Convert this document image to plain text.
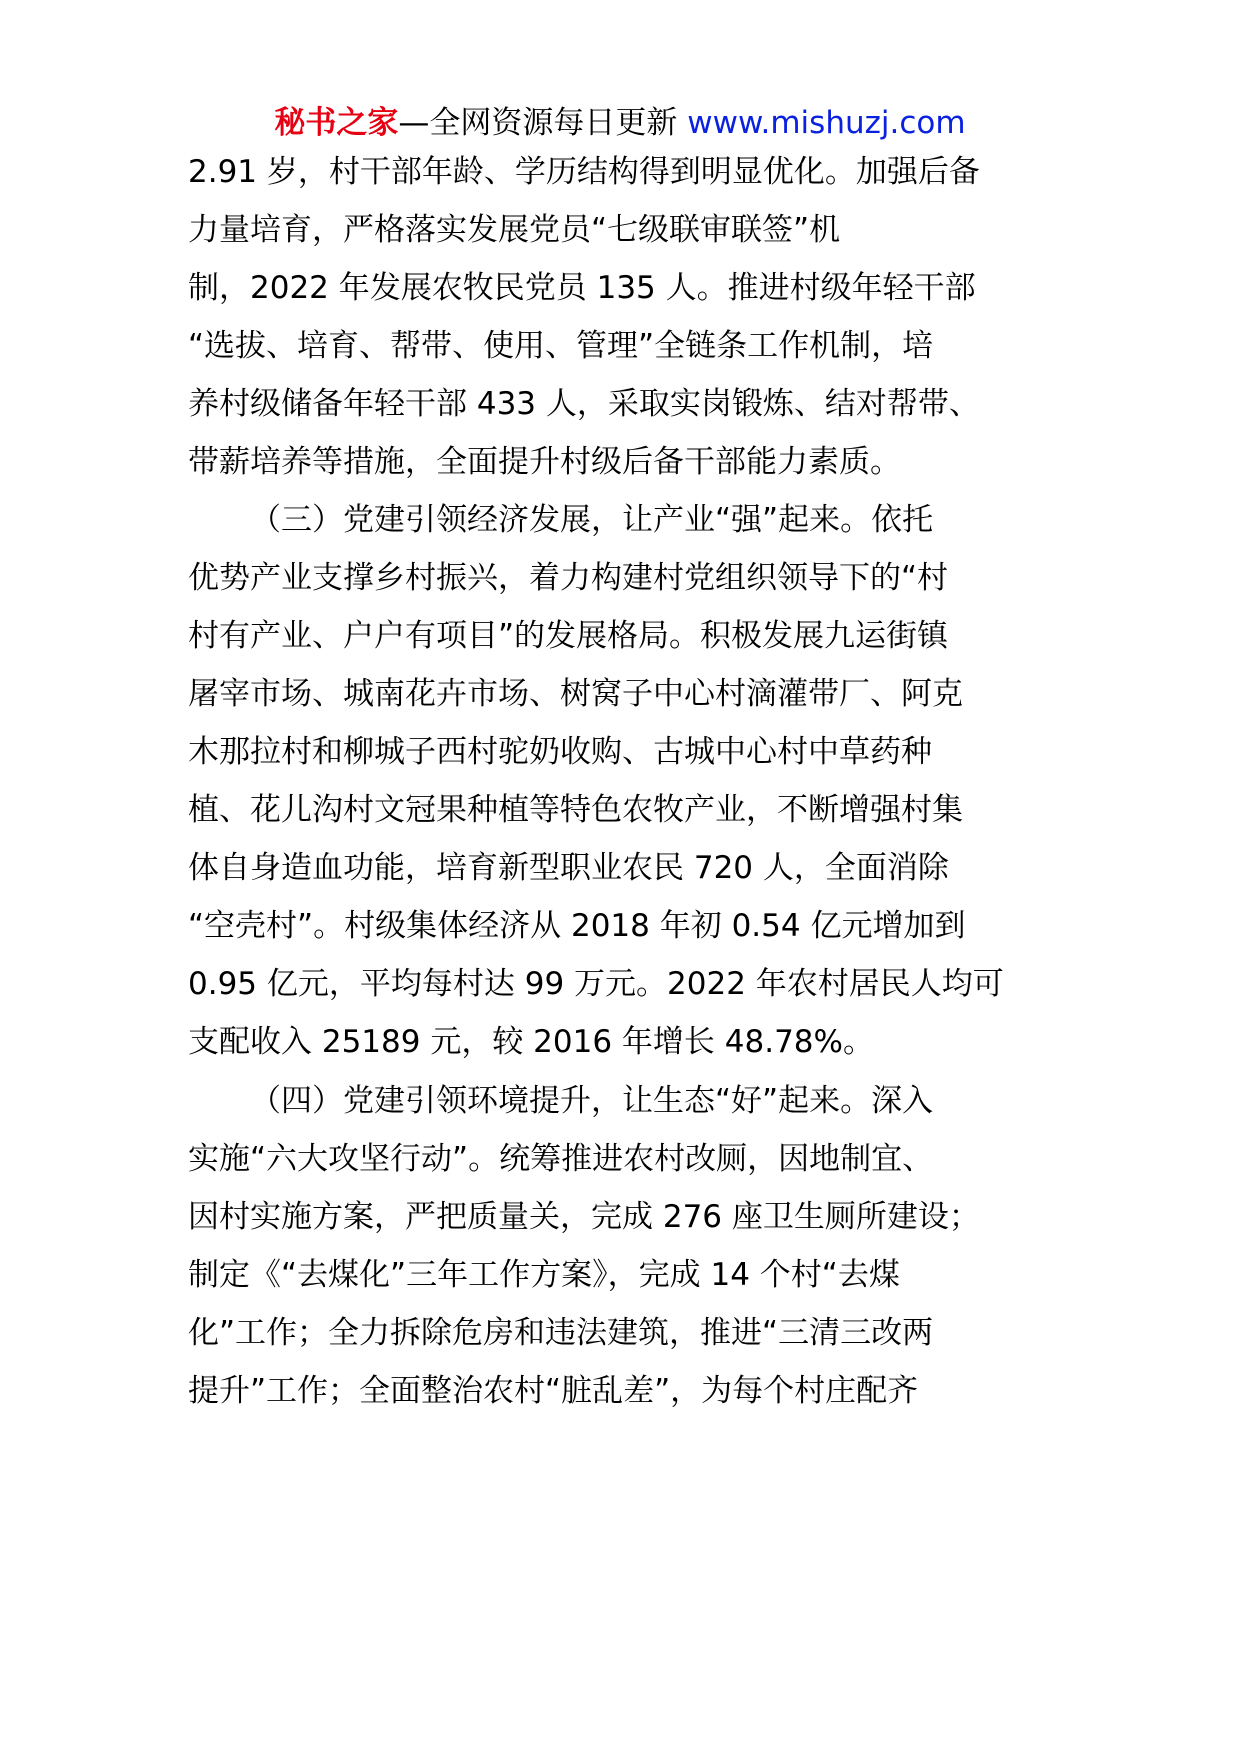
秘书之家—全网资源每日更新 www.mishuzj.com
2.91 岁，村干部年龄、学历结构得到明显优化。加强后备
力量培育，严格落实发展党员“七级联审联签”机
制，2022 年发展农牧民党员 135 人。推进村级年轻干部
“选拔、培育、帮带、使用、管理”全链条工作机制，培
养村级储备年轻干部 433 人，采取实岗锻炼、结对帮带、
带薪培养等措施，全面提升村级后备干部能力素质。
（三）党建引领经济发展，让产业“强”起来。依托
优势产业支撑乡村振兴，着力构建村党组织领导下的“村
村有产业、户户有项目”的发展格局。积极发展九运街镇
屠宰市场、城南花卉市场、树窝子中心村滴灌带厂、阿克
木那拉村和柳城子西村驼奶收购、古城中心村中草药种
植、花儿沟村文冠果种植等特色农牧产业，不断增强村集
体自身造血功能，培育新型职业农民 720 人，全面消除
“空壳村”。村级集体经济从 2018 年初 0.54 亿元增加到
0.95 亿元，平均每村达 99 万元。2022 年农村居民人均可
支配收入 25189 元，较 2016 年增长 48.78%。
（四）党建引领环境提升，让生态“好”起来。深入
实施“六大攻坚行动”。统筹推进农村改厕，因地制宜、
因村实施方案，严把质量关，完成 276 座卫生厕所建设；
制定《“去煤化”三年工作方案》，完成 14 个村“去煤
化”工作；全力拆除危房和违法建筑，推进“三清三改两
提升”工作；全面整治农村“脏乱差”，为每个村庄配齐
